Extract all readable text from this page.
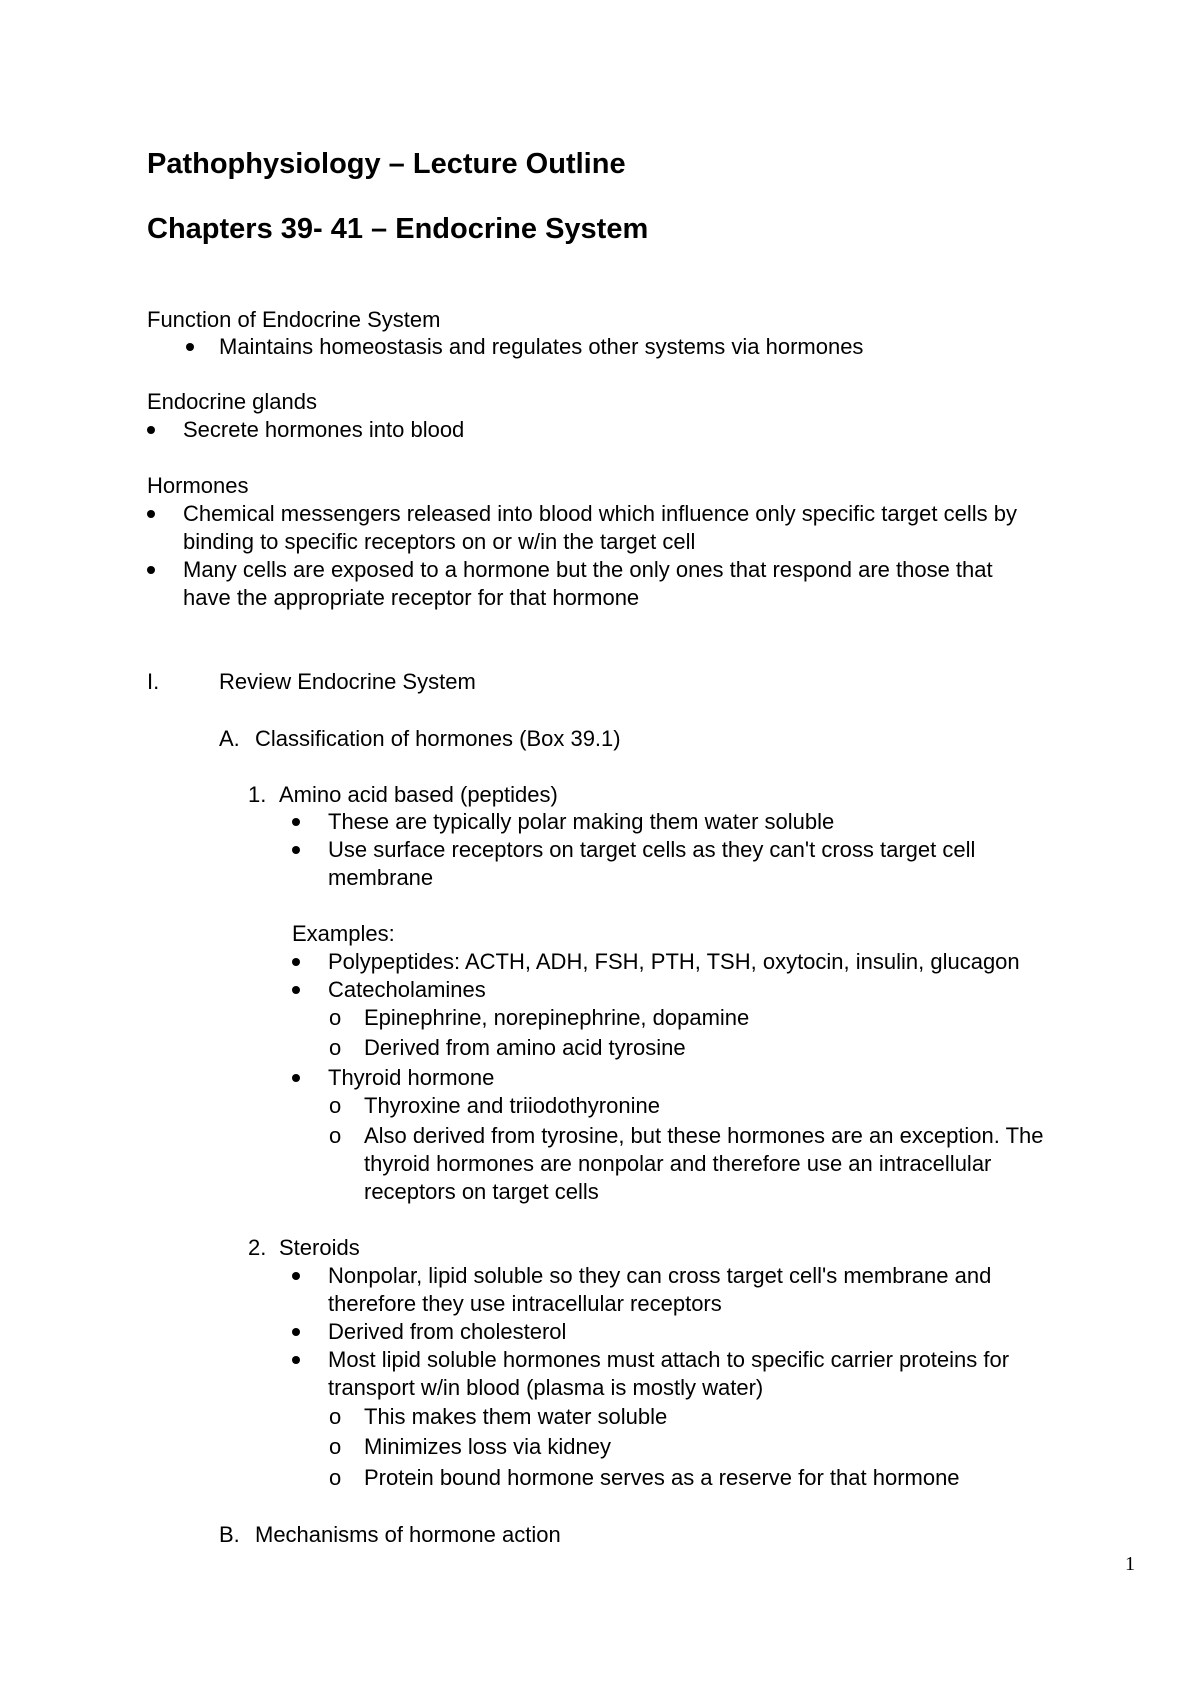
Pathophysiology – Lecture Outline
Chapters 39- 41 – Endocrine System
Function of Endocrine System
Maintains homeostasis and regulates other systems via hormones
Endocrine glands
Secrete hormones into blood
Hormones
Chemical messengers released into blood which influence only specific target cells by
binding to specific receptors on or w/in the target cell
Many cells are exposed to a hormone but the only ones that respond are those that
have the appropriate receptor for that hormone
I.	Review Endocrine System
A. Classification of hormones (Box 39.1)
1. Amino acid based (peptides)
These are typically polar making them water soluble
Use surface receptors on target cells as they can't cross target cell
membrane
Examples:
Polypeptides: ACTH, ADH, FSH, PTH, TSH, oxytocin, insulin, glucagon
Catecholamines
o Epinephrine, norepinephrine, dopamine
o Derived from amino acid tyrosine
Thyroid hormone
o Thyroxine and triiodothyronine
o Also derived from tyrosine, but these hormones are an exception. The
thyroid hormones are nonpolar and therefore use an intracellular
receptors on target cells
2. Steroids
Nonpolar, lipid soluble so they can cross target cell's membrane and
therefore they use intracellular receptors
Derived from cholesterol
Most lipid soluble hormones must attach to specific carrier proteins for
transport w/in blood (plasma is mostly water)
o This makes them water soluble
o Minimizes loss via kidney
o Protein bound hormone serves as a reserve for that hormone
B. Mechanisms of hormone action
1
